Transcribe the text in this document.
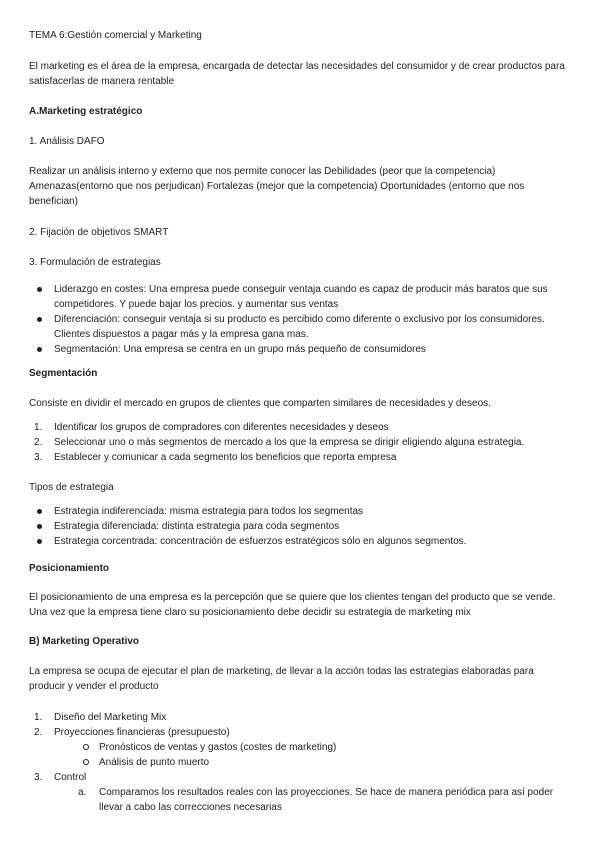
TEMA 6:Gestión comercial y Marketing
El marketing es el área de la empresa, encargada de detectar las necesidades del consumidor y de crear productos para satisfacerlas de manera rentable
A.Marketing estratégico
1. Análisis DAFO
Realizar un análisis interno y externo que nos permite conocer las Debilidades (peor que la competencia) Amenazas(entorno que nos perjudican) Fortalezas (mejor que la competencia) Oportunidades (entorno que nos benefician)
2. Fijación de objetivos SMART
3. Formulación de estrategias
Liderazgo en costes: Una empresa puede conseguir ventaja cuando es capaz de producir más baratos que sus competidores. Y puede bajar los precios. y aumentar sus ventas
Diferenciación: conseguir ventaja si su producto es percibido como diferente o exclusivo por los consumidores. Clientes dispuestos a pagar más y la empresa gana mas.
Segmentación: Una empresa se centra en un grupo más pequeño de consumidores
Segmentación
Consiste en dividir el mercado en grupos de clientes que comparten similares de necesidades y deseos.
1. Identificar los grupos de compradores con diferentes necesidades y deseos
2. Seleccionar uno o más segmentos de mercado a los que la empresa se dirigir eligiendo alguna estrategia.
3. Establecer y comunicar a cada segmento los beneficios que reporta empresa
Tipos de estrategia
Estrategia indiferenciada: misma estrategia para todos los segmentas
Estrategia diferenciada: distinta estrategia para coda segmentos
Estrategia corcentrada: concentración de esfuerzos estratégicos sólo en algunos segmentos.
Posicionamiento
El posicionamiento de una empresa es la percepción que se quiere que los clientes tengan del producto que se vende. Una vez que la empresa tiene claro su posicionamiento debe decidir su estrategia de marketing mix
B) Marketing Operativo
La empresa se ocupa de ejecutar el plan de marketing, de llevar a la acción todas las estrategias elaboradas para producir y vender el producto
1. Diseño del Marketing Mix
2. Proyecciones financieras (presupuesto)
Pronósticos de ventas y gastos (costes de marketing)
Análisis de punto muerto
3. Control
a. Comparamos los resultados reales con las proyecciones. Se hace de manera periódica para así poder llevar a cabo las correcciones necesarias
